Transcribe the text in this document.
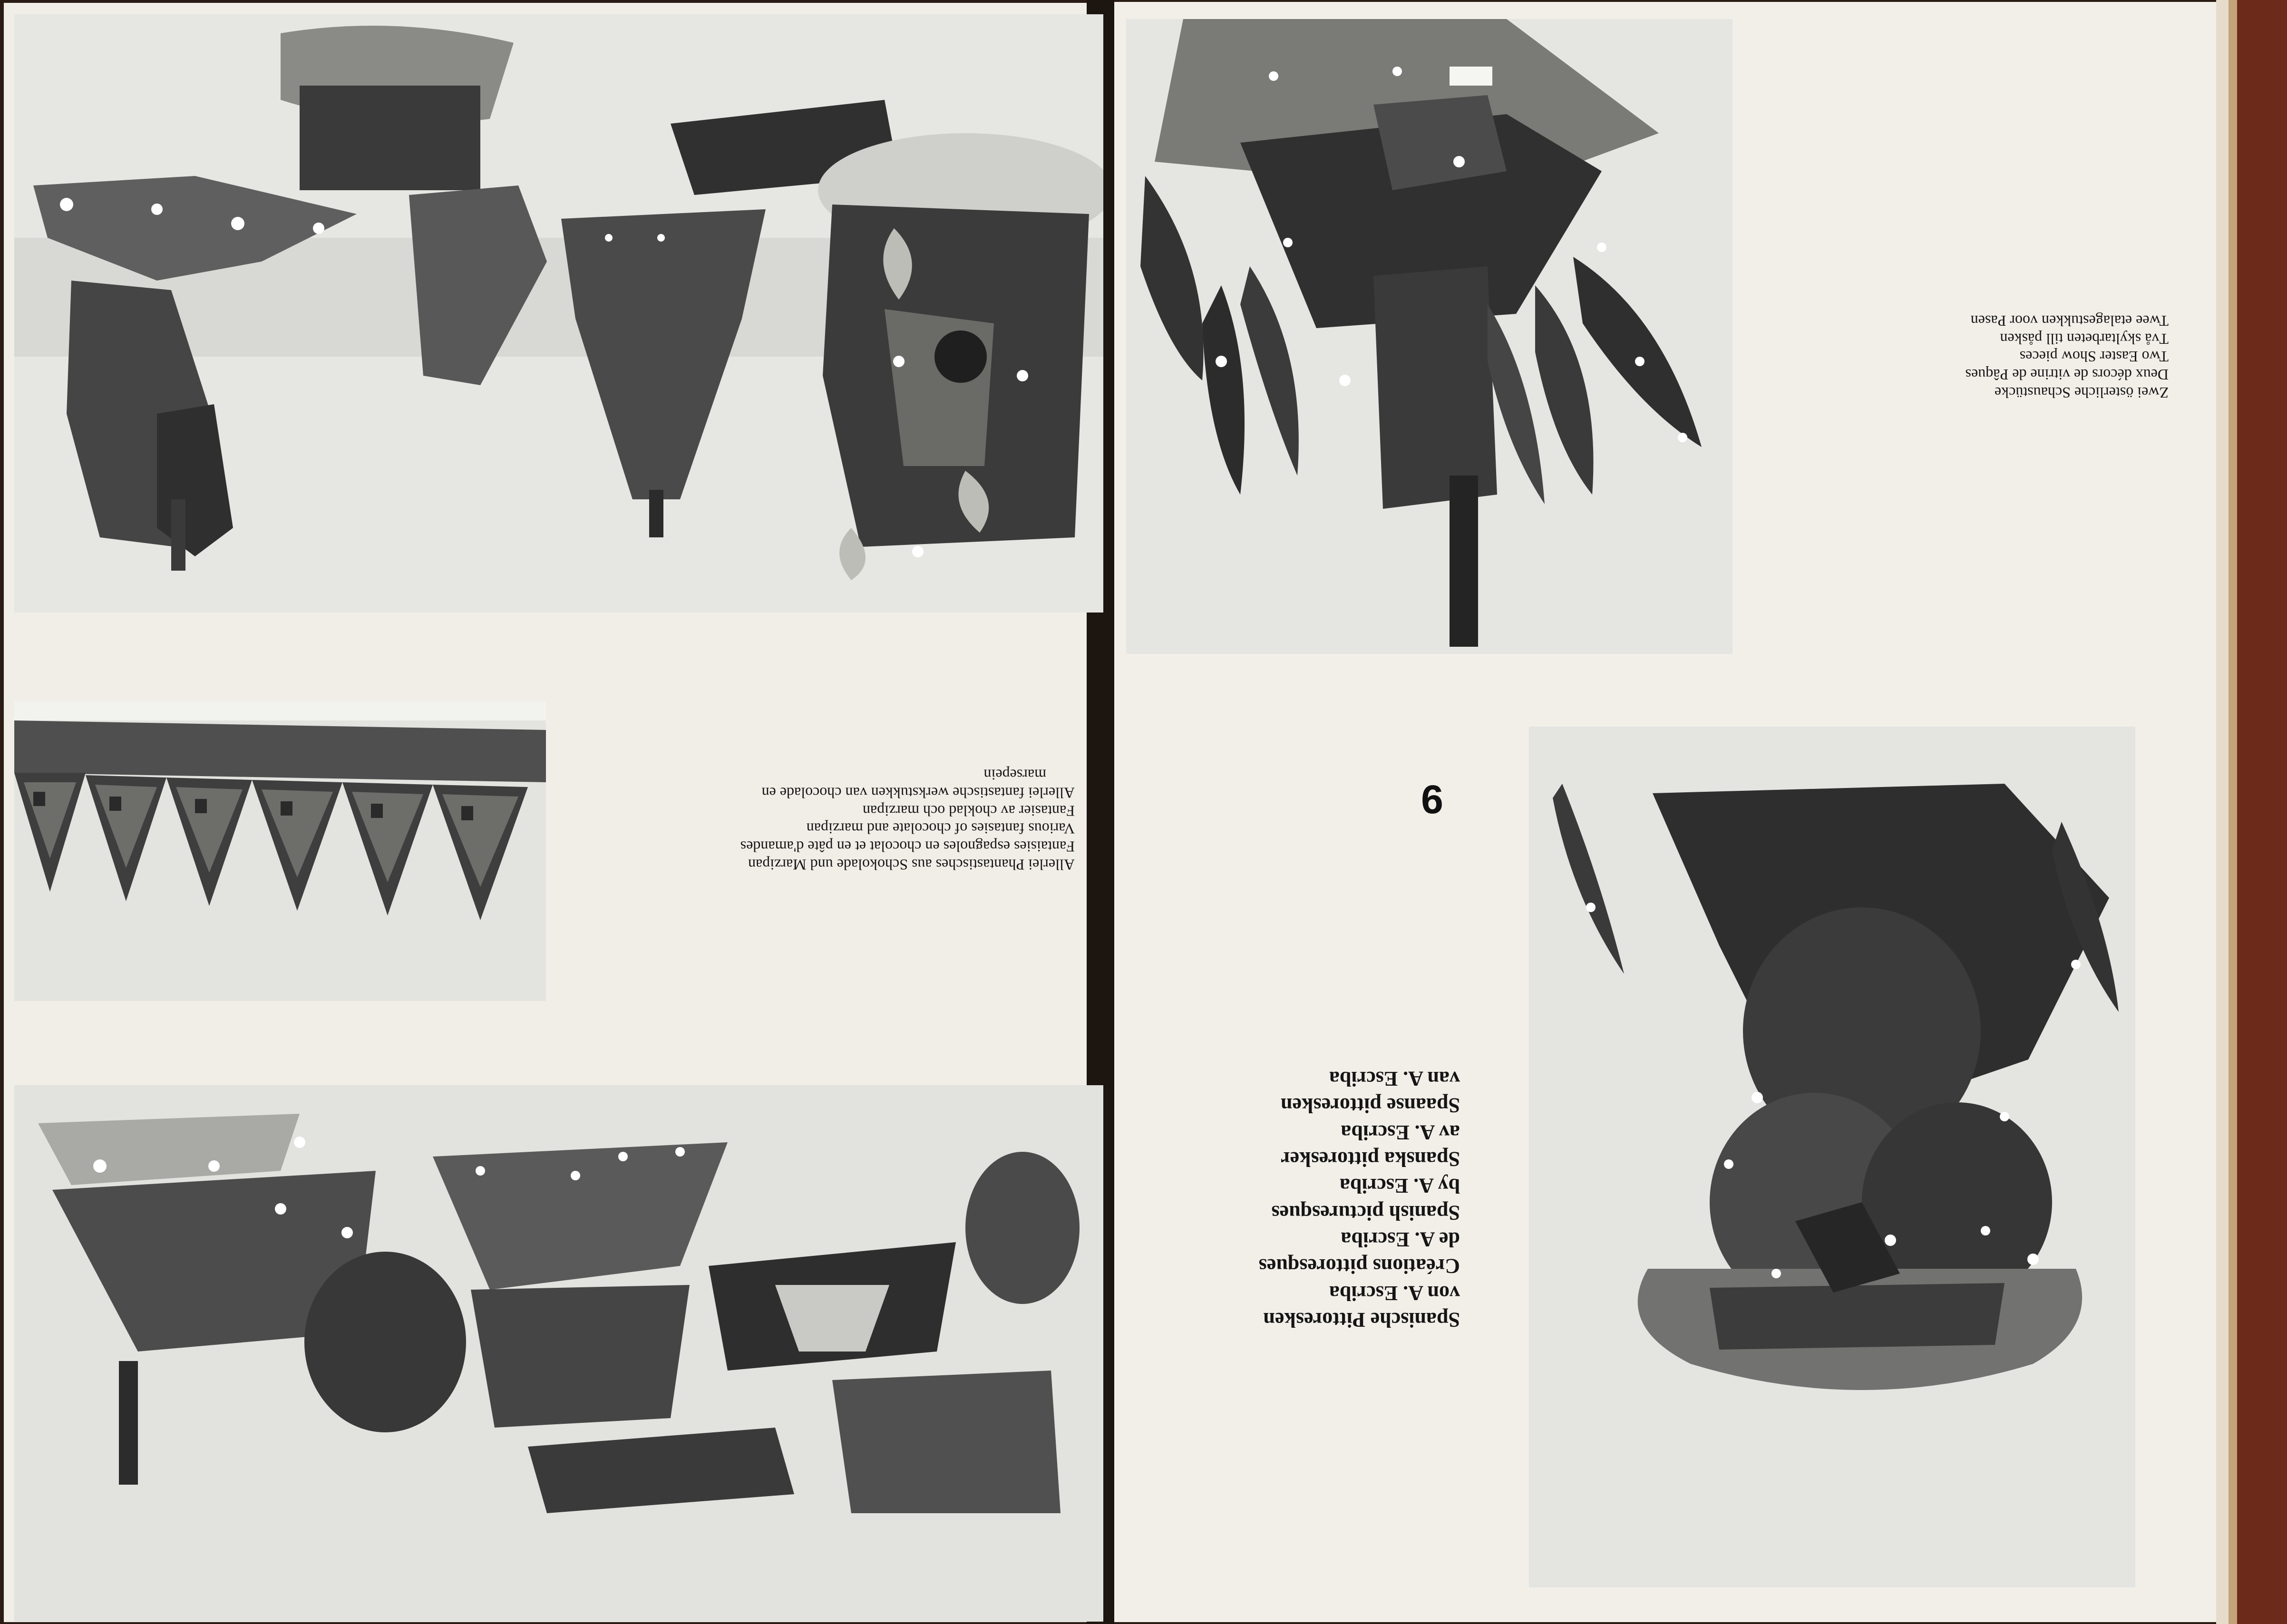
Allerlei Phantastisches aus Schokolade und Marzipan
Fantaisies espagnoles en chocolat et en pâte d'amandes
Various fantasies of chocolate and marzipan
Fantasier av choklad och marzipan
Allerlei fantastische werkstukken van chocolade en
marsepein
Zwei österliche Schaustücke
Deux décors de vitrine de Pâques
Two Easter Show pieces
Två skyltarbeten till påsken
Twee etalagestukken voor Pasen
9
Spanische Pittoresken
von A. Escriba
Créations pittoresques
de A. Escriba
Spanish picturesques
by A. Escriba
Spanska pittoresker
av A. Escriba
Spaanse pittoresken
van A. Escriba
